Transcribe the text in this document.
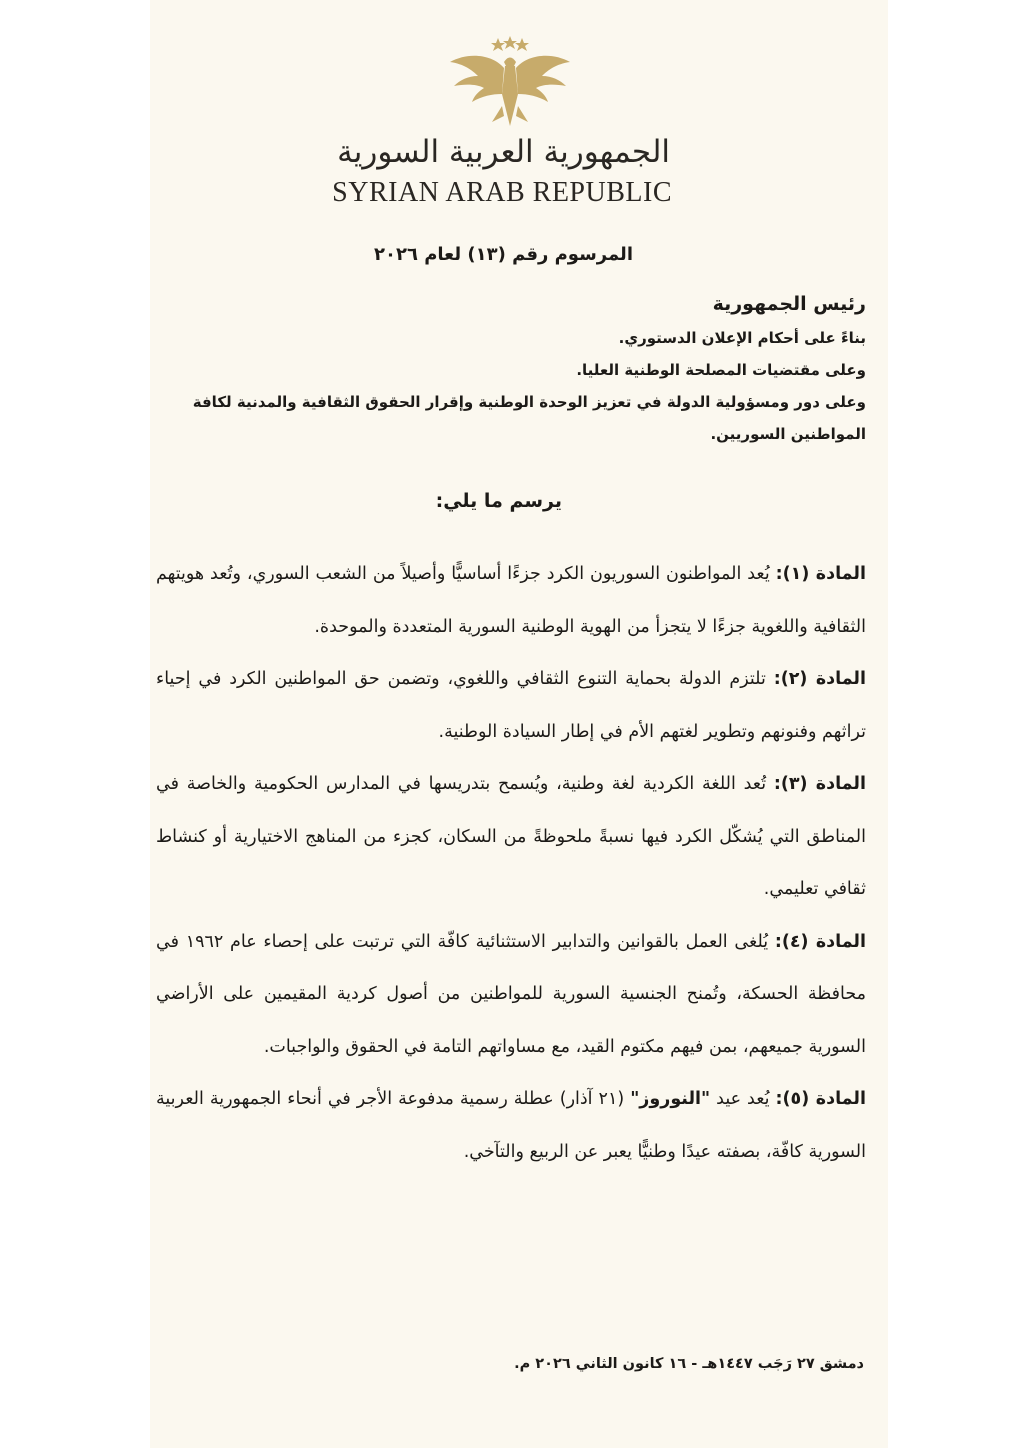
الجمهورية العربية السورية
SYRIAN ARAB REPUBLIC
المرسوم رقم (١٣) لعام ٢٠٢٦
رئيس الجمهورية
بناءً على أحكام الإعلان الدستوري.
وعلى مقتضيات المصلحة الوطنية العليا.
وعلى دور ومسؤولية الدولة في تعزيز الوحدة الوطنية وإقرار الحقوق الثقافية والمدنية لكافة المواطنين السوريين.
يرسم ما يلي:

المادة (١): يُعد المواطنون السوريون الكرد جزءًا أساسيًّا وأصيلاً من الشعب السوري، وتُعد هويتهم الثقافية واللغوية جزءًا لا يتجزأ من الهوية الوطنية السورية المتعددة والموحدة.

المادة (٢): تلتزم الدولة بحماية التنوع الثقافي واللغوي، وتضمن حق المواطنين الكرد في إحياء تراثهم وفنونهم وتطوير لغتهم الأم في إطار السيادة الوطنية.

المادة (٣): تُعد اللغة الكردية لغة وطنية، ويُسمح بتدريسها في المدارس الحكومية والخاصة في المناطق التي يُشكّل الكرد فيها نسبةً ملحوظةً من السكان، كجزء من المناهج الاختيارية أو كنشاط ثقافي تعليمي.

المادة (٤): يُلغى العمل بالقوانين والتدابير الاستثنائية كافّة التي ترتبت على إحصاء عام ١٩٦٢ في محافظة الحسكة، وتُمنح الجنسية السورية للمواطنين من أصول كردية المقيمين على الأراضي السورية جميعهم، بمن فيهم مكتوم القيد، مع مساواتهم التامة في الحقوق والواجبات.

المادة (٥): يُعد عيد "النوروز" (٢١ آذار) عطلة رسمية مدفوعة الأجر في أنحاء الجمهورية العربية السورية كافّة، بصفته عيدًا وطنيًّا يعبر عن الربيع والتآخي.

دمشق ٢٧ رَجَب ١٤٤٧هـ - ١٦ كانون الثاني ٢٠٢٦ م.
